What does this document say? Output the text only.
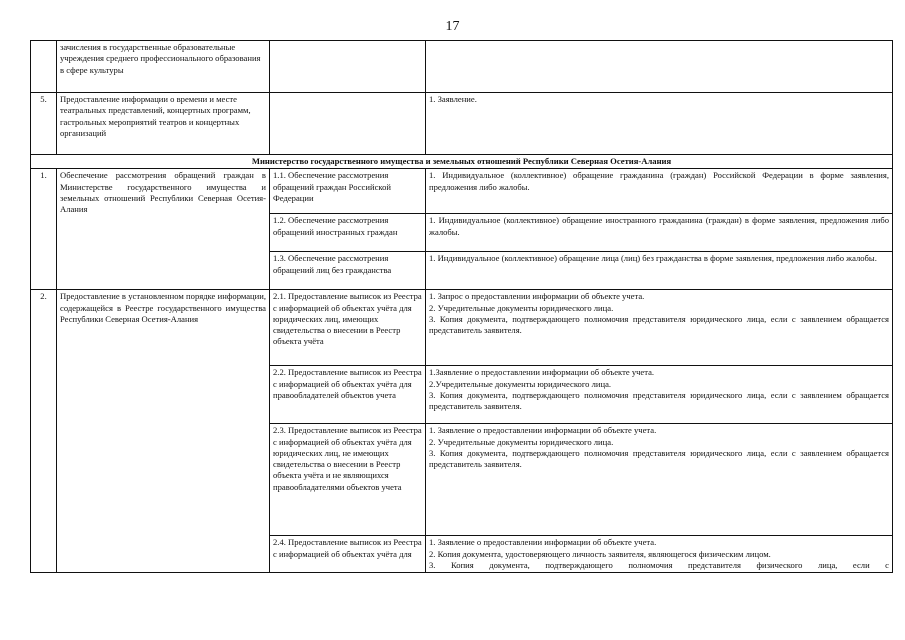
17
	зачисления в государственные образовательные учреждения среднего профессионального образования в сфере культуры		
5.	Предоставление информации о времени и месте театральных представлений, концертных программ, гастрольных мероприятий театров и концертных организаций		1. Заявление.

Министерство государственного имущества и земельных отношений Республики Северная Осетия-Алания			
1.	Обеспечение рассмотрения обращений граждан в Министерстве государственного имущества и земельных отношений Республики Северная Осетия-Алания	1.1. Обеспечение рассмотрения обращений граждан Российской Федерации	1. Индивидуальное (коллективное) обращение гражданина (граждан) Российской Федерации в форме заявления, предложения либо жалобы.

		1.2. Обеспечение рассмотрения обращений иностранных граждан	1. Индивидуальное (коллективное) обращение иностранного гражданина (граждан) в форме заявления, предложения либо жалобы.

		1.3. Обеспечение рассмотрения обращений лиц без гражданства	1. Индивидуальное (коллективное) обращение лица (лиц) без гражданства в форме заявления, предложения либо жалобы.

2.	Предоставление в установленном порядке информации, содержащейся в Реестре государственного имущества Республики Северная Осетия-Алания	2.1. Предоставление выписок из Реестра с информацией об объектах учёта для юридических лиц, имеющих свидетельства о внесении в Реестр объекта учёта	1. Запрос о предоставлении информации об объекте учета.
2. Учредительные документы юридического лица.
3. Копия документа, подтверждающего полномочия представителя юридического лица, если с заявлением обращается представитель заявителя.

		2.2. Предоставление выписок из Реестра с информацией об объектах учёта для правообладателей объектов учета	1.Заявление о предоставлении информации об объекте учета.
2.Учредительные документы юридического лица.
3. Копия документа, подтверждающего полномочия представителя юридического лица, если с заявлением обращается представитель заявителя.

		2.3. Предоставление выписок из Реестра с информацией об объектах учёта для юридических лиц, не имеющих свидетельства о внесении в Реестр объекта учёта и не являющихся правообладателями объектов учета	1. Заявление о предоставлении информации об объекте учета.
2. Учредительные документы юридического лица.
3. Копия документа, подтверждающего полномочия представителя юридического лица, если с заявлением обращается представитель заявителя.

		2.4. Предоставление выписок из Реестра с информацией об объектах учёта для	1. Заявление о предоставлении информации об объекте учета.
2. Копия документа, удостоверяющего личность заявителя, являющегося физическим лицом.
3. Копия документа, подтверждающего полномочия представителя физического лица, если с
